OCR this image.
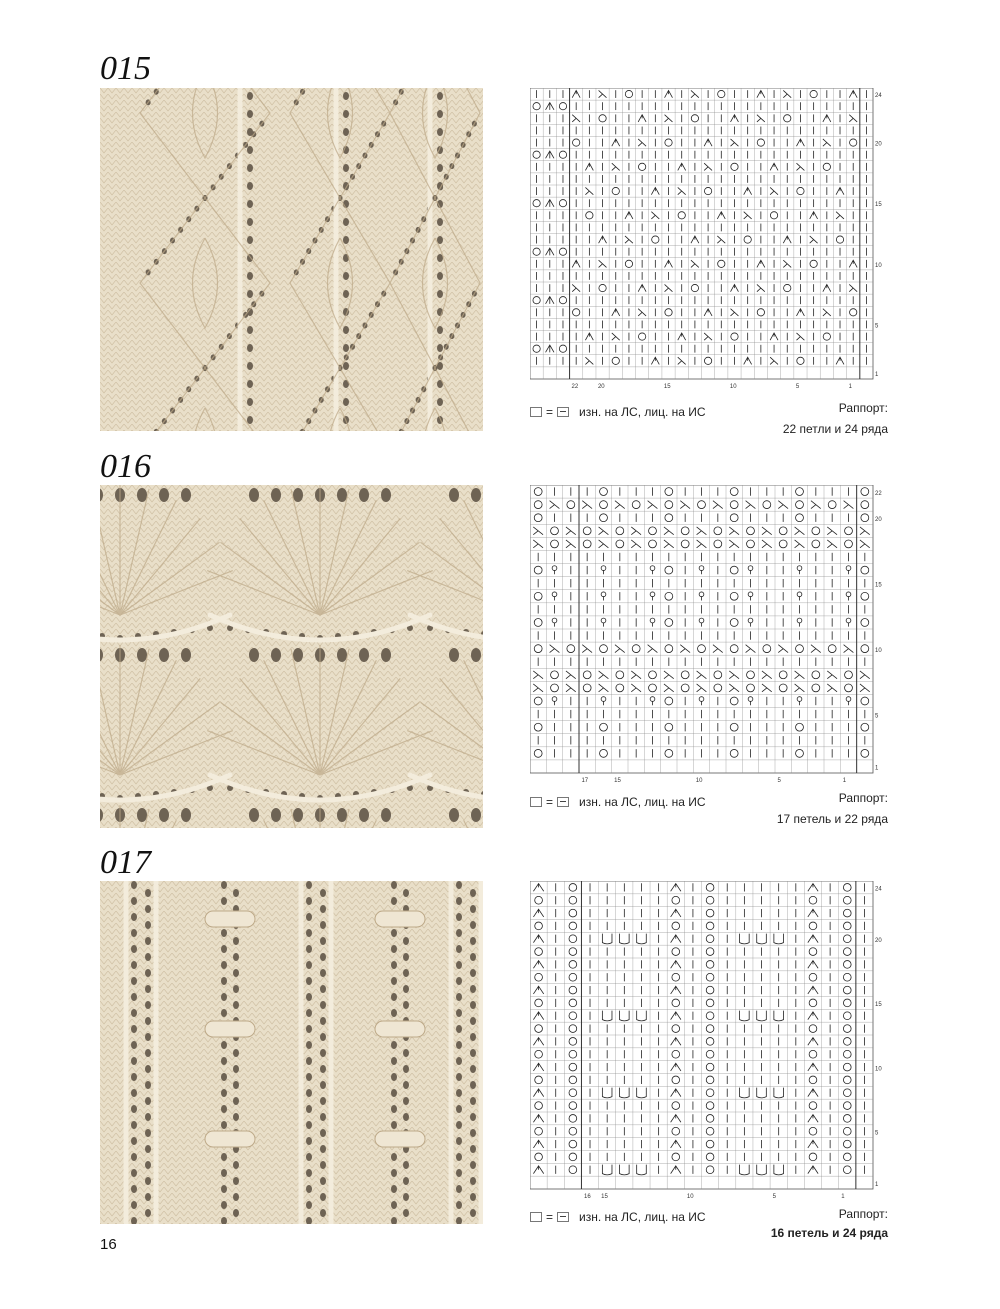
015
24
20
15
10
5
1
22	20	15	10	5	1
= изн. на ЛС, лиц. на ИС	Раппорт:
22 петли и 24 ряда
016
22
20
15
10
5
1
17	15	10	5	1
= изн. на ЛС, лиц. на ИС	Раппорт:
17 петель и 22 ряда
017
24
20
15
10
5
1
16 15	10	5	1
= изн. на ЛС, лиц. на ИС	Раппорт:
16 петель и 24 ряда
16
